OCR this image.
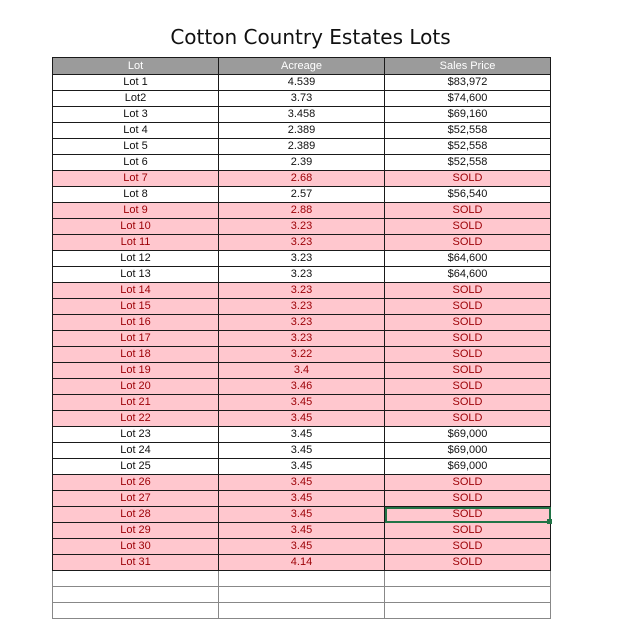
Cotton Country Estates Lots
Lot	Acreage	Sales Price
Lot 1	4.539	$83,972
Lot2	3.73	$74,600
Lot 3	3.458	$69,160
Lot 4	2.389	$52,558
Lot 5	2.389	$52,558
Lot 6	2.39	$52,558
Lot 7	2.68	SOLD
Lot 8	2.57	$56,540
Lot 9	2.88	SOLD
Lot 10	3.23	SOLD
Lot 11	3.23	SOLD
Lot 12	3.23	$64,600
Lot 13	3.23	$64,600
Lot 14	3.23	SOLD
Lot 15	3.23	SOLD
Lot 16	3.23	SOLD
Lot 17	3.23	SOLD
Lot 18	3.22	SOLD
Lot 19	3.4	SOLD
Lot 20	3.46	SOLD
Lot 21	3.45	SOLD
Lot 22	3.45	SOLD
Lot 23	3.45	$69,000
Lot 24	3.45	$69,000
Lot 25	3.45	$69,000
Lot 26	3.45	SOLD
Lot 27	3.45	SOLD
Lot 28	3.45	SOLD
Lot 29	3.45	SOLD
Lot 30	3.45	SOLD
Lot 31	4.14	SOLD
